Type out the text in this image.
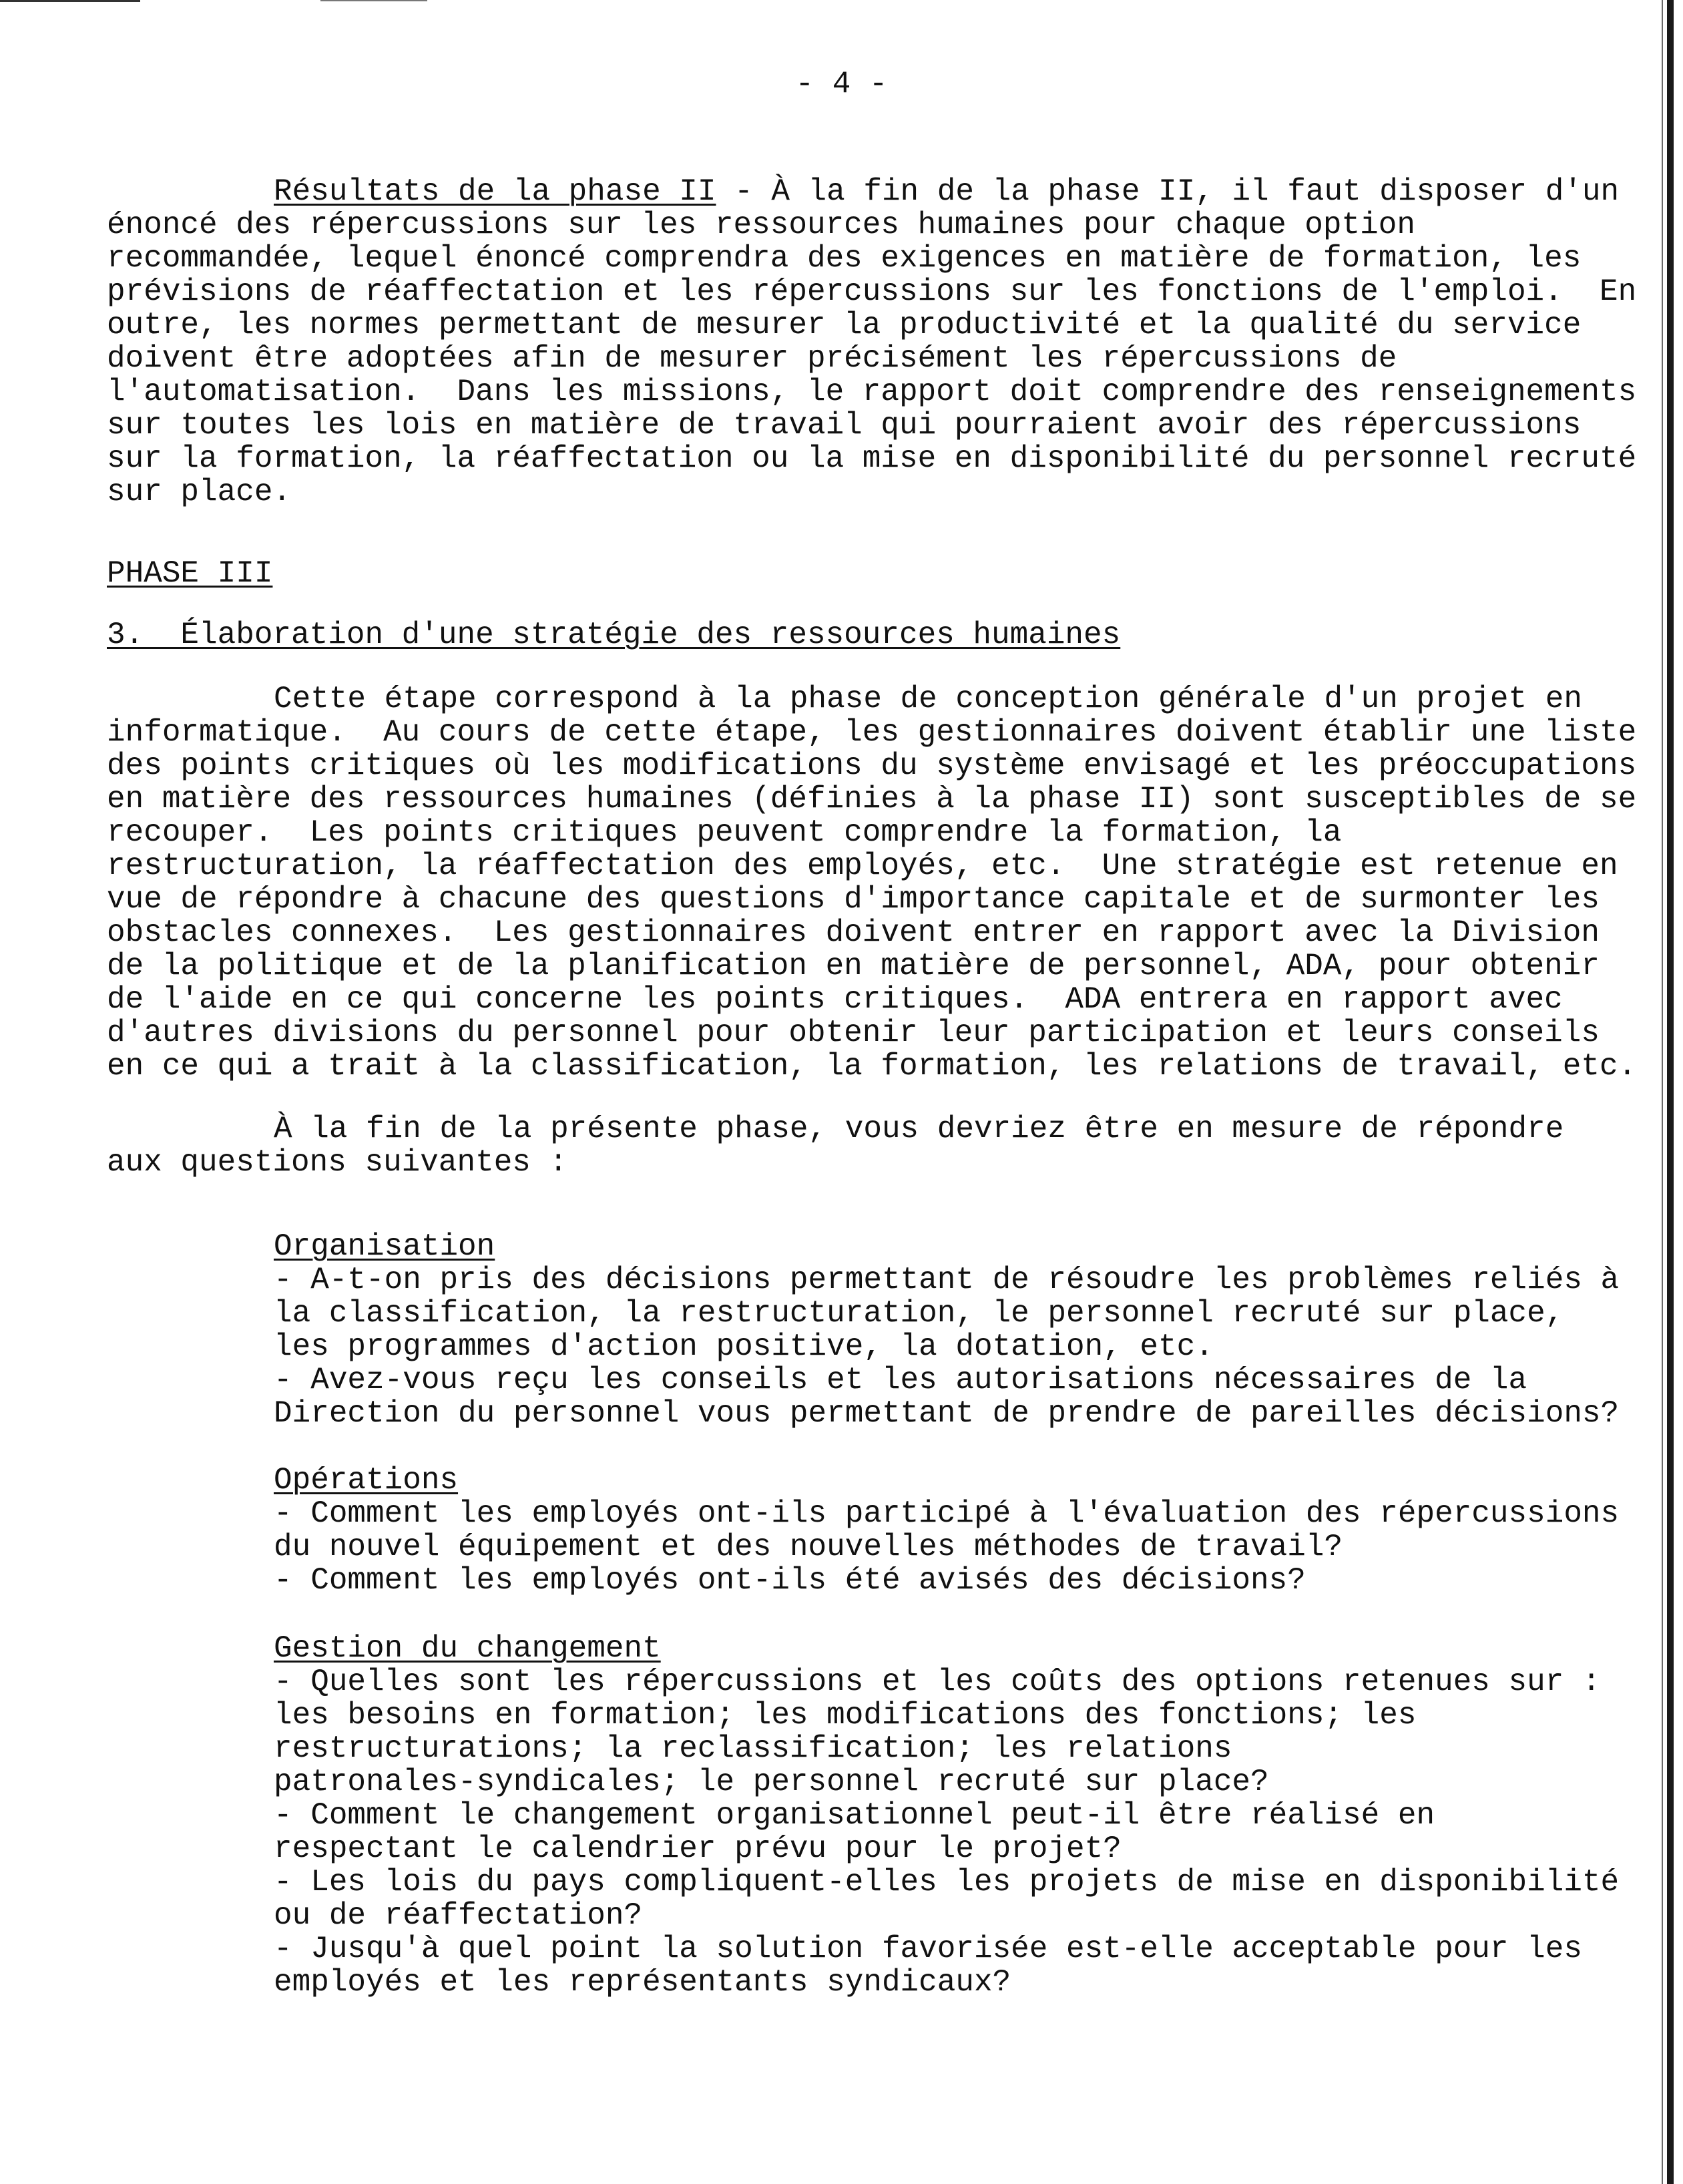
- 4 -
Résultats de la phase II - À la fin de la phase II, il faut disposer d'un
énoncé des répercussions sur les ressources humaines pour chaque option
recommandée, lequel énoncé comprendra des exigences en matière de formation, les
prévisions de réaffectation et les répercussions sur les fonctions de l'emploi.  En
outre, les normes permettant de mesurer la productivité et la qualité du service
doivent être adoptées afin de mesurer précisément les répercussions de
l'automatisation.  Dans les missions, le rapport doit comprendre des renseignements
sur toutes les lois en matière de travail qui pourraient avoir des répercussions
sur la formation, la réaffectation ou la mise en disponibilité du personnel recruté
sur place.
PHASE III
3.  Élaboration d'une stratégie des ressources humaines
Cette étape correspond à la phase de conception générale d'un projet en
informatique.  Au cours de cette étape, les gestionnaires doivent établir une liste
des points critiques où les modifications du système envisagé et les préoccupations
en matière des ressources humaines (définies à la phase II) sont susceptibles de se
recouper.  Les points critiques peuvent comprendre la formation, la
restructuration, la réaffectation des employés, etc.  Une stratégie est retenue en
vue de répondre à chacune des questions d'importance capitale et de surmonter les
obstacles connexes.  Les gestionnaires doivent entrer en rapport avec la Division
de la politique et de la planification en matière de personnel, ADA, pour obtenir
de l'aide en ce qui concerne les points critiques.  ADA entrera en rapport avec
d'autres divisions du personnel pour obtenir leur participation et leurs conseils
en ce qui a trait à la classification, la formation, les relations de travail, etc.
À la fin de la présente phase, vous devriez être en mesure de répondre
aux questions suivantes :
Organisation
- A-t-on pris des décisions permettant de résoudre les problèmes reliés à
la classification, la restructuration, le personnel recruté sur place,
les programmes d'action positive, la dotation, etc.
- Avez-vous reçu les conseils et les autorisations nécessaires de la
Direction du personnel vous permettant de prendre de pareilles décisions?
Opérations
- Comment les employés ont-ils participé à l'évaluation des répercussions
du nouvel équipement et des nouvelles méthodes de travail?
- Comment les employés ont-ils été avisés des décisions?
Gestion du changement
- Quelles sont les répercussions et les coûts des options retenues sur :
les besoins en formation; les modifications des fonctions; les
restructurations; la reclassification; les relations
patronales-syndicales; le personnel recruté sur place?
- Comment le changement organisationnel peut-il être réalisé en
respectant le calendrier prévu pour le projet?
- Les lois du pays compliquent-elles les projets de mise en disponibilité
ou de réaffectation?
- Jusqu'à quel point la solution favorisée est-elle acceptable pour les
employés et les représentants syndicaux?
